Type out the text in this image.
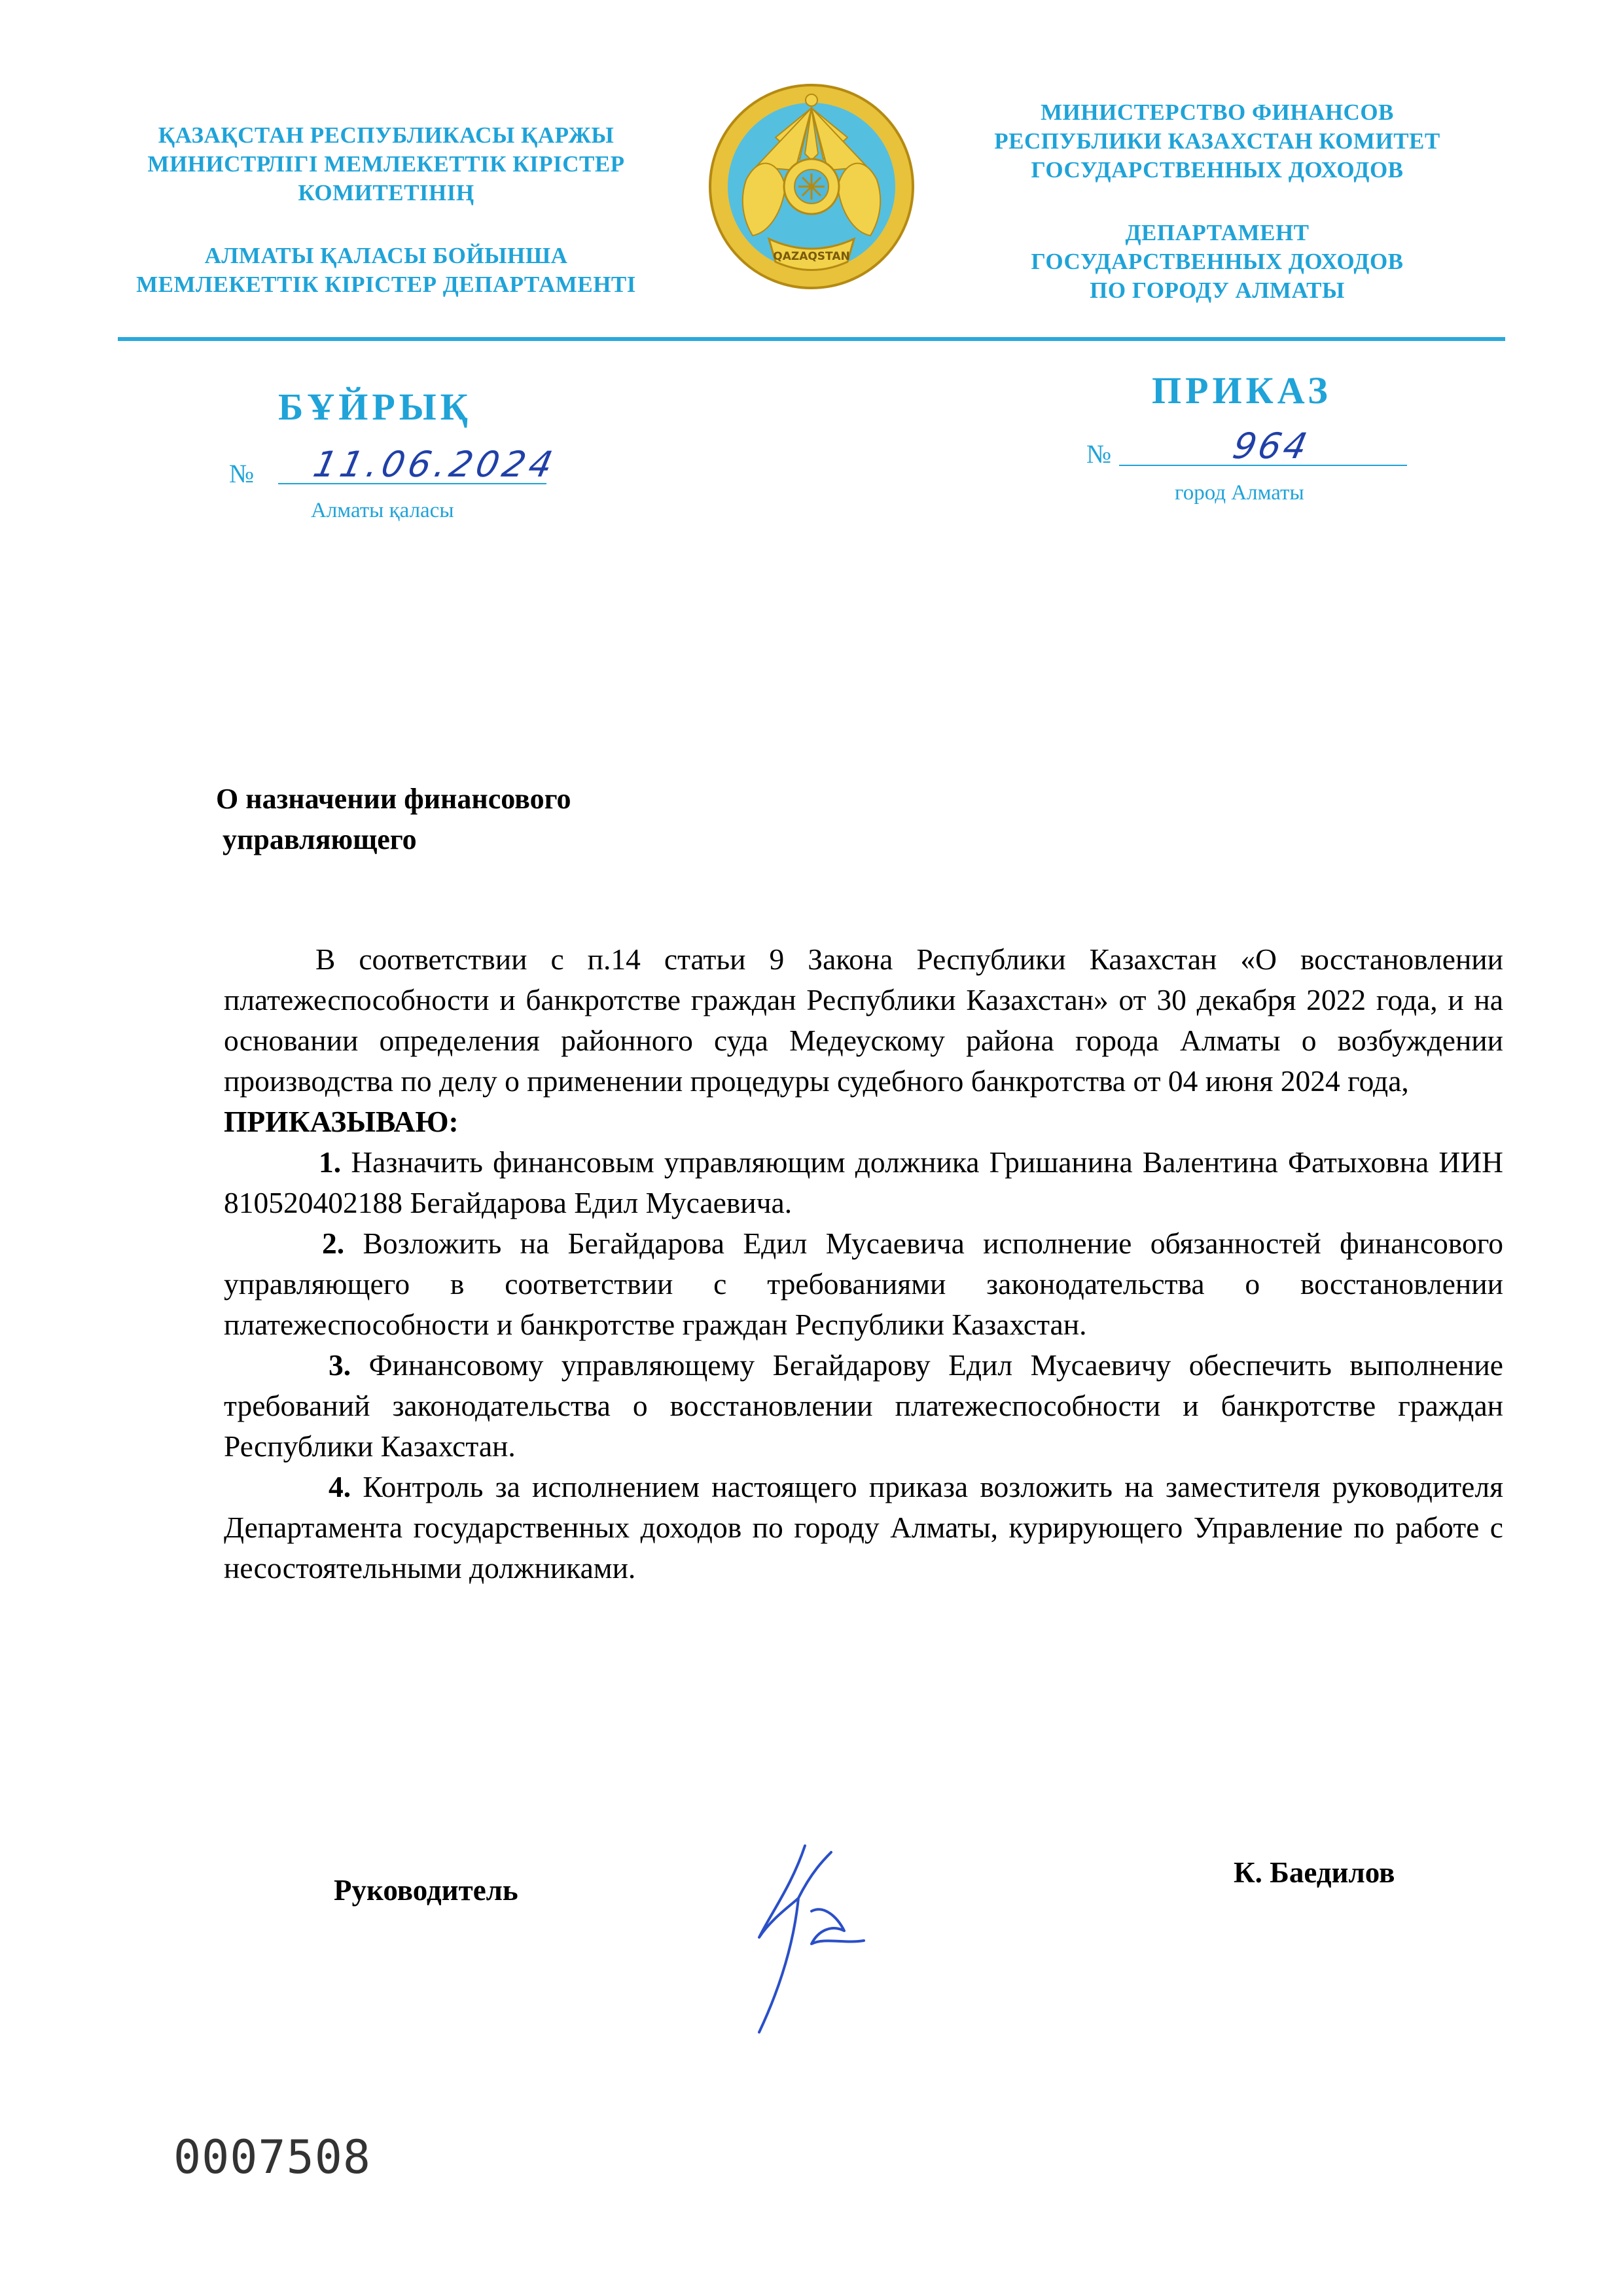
ҚАЗАҚСТАН РЕСПУБЛИКАСЫ ҚАРЖЫ
МИНИСТРЛІГІ МЕМЛЕКЕТТІК КІРІСТЕР
КОМИТЕТІНІҢ
АЛМАТЫ ҚАЛАСЫ БОЙЫНША
МЕМЛЕКЕТТІК КІРІСТЕР ДЕПАРТАМЕНТІ
QAZAQSTAN
МИНИСТЕРСТВО ФИНАНСОВ
РЕСПУБЛИКИ КАЗАХСТАН КОМИТЕТ
ГОСУДАРСТВЕННЫХ ДОХОДОВ
ДЕПАРТАМЕНТ
ГОСУДАРСТВЕННЫХ ДОХОДОВ
ПО ГОРОДУ АЛМАТЫ
БҰЙРЫҚ	ПРИКАЗ
№ 11.06.2024
Алматы қаласы
№	964
город Алматы
О назначении финансового
управляющего

В соответствии с п.14 статьи 9 Закона Республики Казахстан «О восстановлении платежеспособности и банкротстве граждан Республики Казахстан» от 30 декабря 2022 года, и на основании определения районного суда Медеускому района города Алматы о возбуждении производства по делу о применении процедуры судебного банкротства от 04 июня 2024 года,

ПРИКАЗЫВАЮ:

1. Назначить финансовым управляющим должника Гришанина Валентина Фатыховна ИИН 810520402188 Бегайдарова Едил Мусаевича.

2. Возложить на Бегайдарова Едил Мусаевича исполнение обязанностей финансового управляющего в соответствии с требованиями законодательства о восстановлении платежеспособности и банкротстве граждан Республики Казахстан.

3. Финансовому управляющему Бегайдарову Едил Мусаевичу обеспечить выполнение требований законодательства о восстановлении платежеспособности и банкротстве граждан Республики Казахстан.

4. Контроль за исполнением настоящего приказа возложить на заместителя руководителя Департамента государственных доходов по городу Алматы, курирующего Управление по работе с несостоятельными должниками.

Руководитель
К. Баедилов
0007508
